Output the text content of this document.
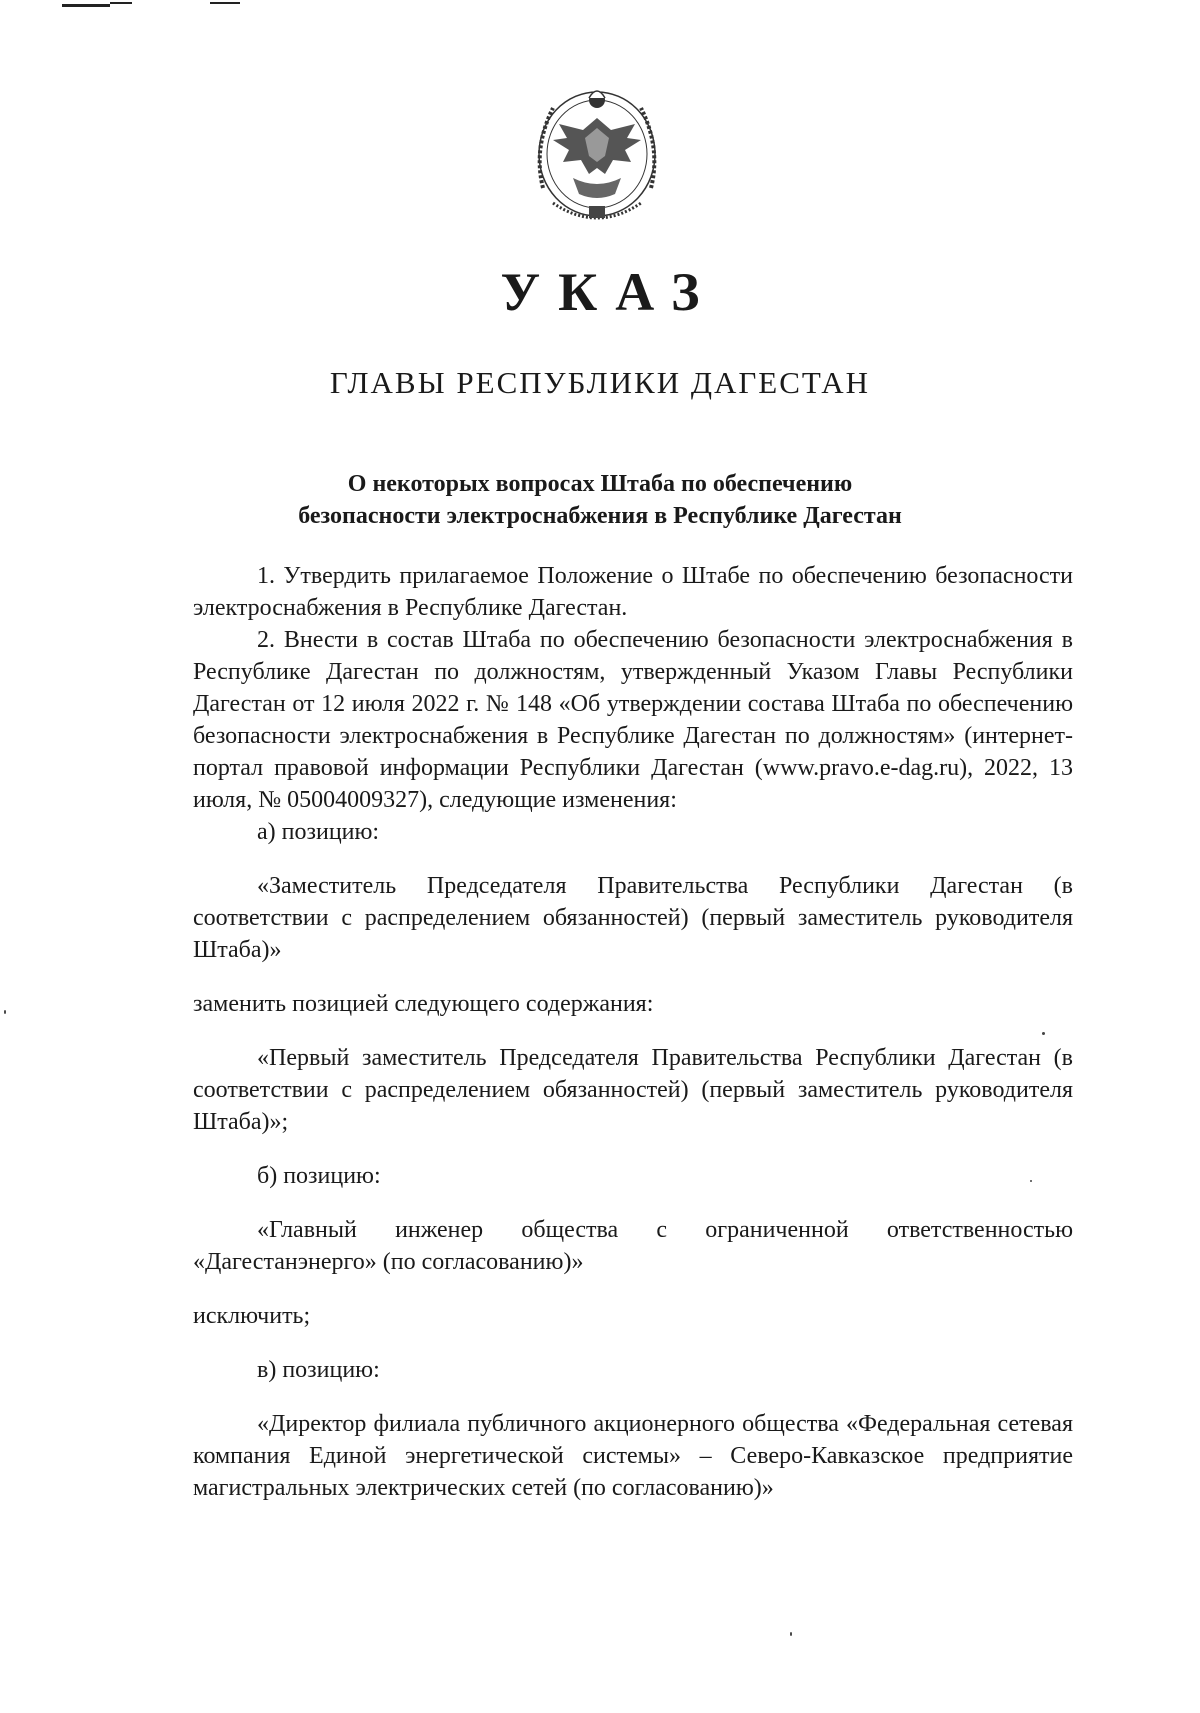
УКАЗ
ГЛАВЫ РЕСПУБЛИКИ ДАГЕСТАН
О некоторых вопросах Штаба по обеспечению
безопасности электроснабжения в Республике Дагестан

1. Утвердить прилагаемое Положение о Штабе по обеспечению безопасности электроснабжения в Республике Дагестан.

2. Внести в состав Штаба по обеспечению безопасности электроснабжения в Республике Дагестан по должностям, утвержденный Указом Главы Республики Дагестан от 12 июля 2022 г. № 148 «Об утверждении состава Штаба по обеспечению безопасности электроснабжения в Республике Дагестан по должностям» (интернет-портал правовой информации Республики Дагестан (www.pravo.e-dag.ru), 2022, 13 июля, № 05004009327), следующие изменения:

а) позицию:

«Заместитель Председателя Правительства Республики Дагестан (в соответствии с распределением обязанностей) (первый заместитель руководителя Штаба)»

заменить позицией следующего содержания:

«Первый заместитель Председателя Правительства Республики Дагестан (в соответствии с распределением обязанностей) (первый заместитель руководителя Штаба)»;

б) позицию:

«Главный инженер общества с ограниченной ответственностью «Дагестанэнерго» (по согласованию)»

исключить;

в) позицию:

«Директор филиала публичного акционерного общества «Федеральная сетевая компания Единой энергетической системы» – Северо-Кавказское предприятие магистральных электрических сетей (по согласованию)»
